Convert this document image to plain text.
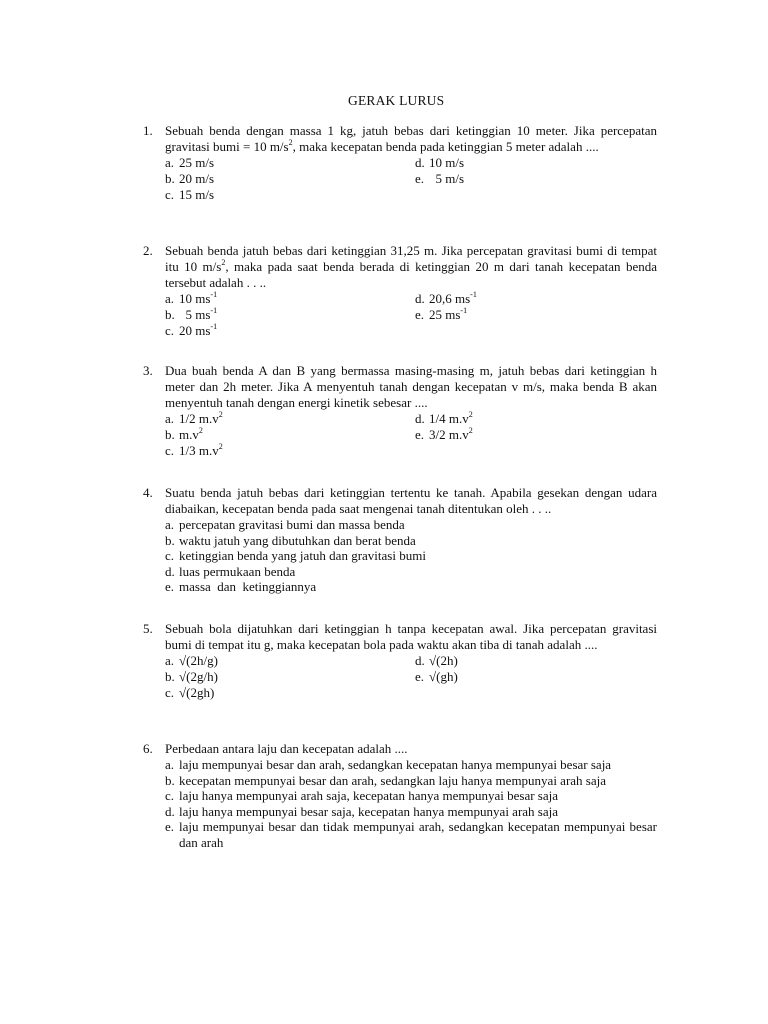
GERAK LURUS
1. Sebuah benda dengan massa 1 kg, jatuh bebas dari ketinggian 10 meter. Jika percepatan gravitasi bumi = 10 $m/s^2$, maka kecepatan benda pada ketinggian 5 meter adalah ....
a. 25 m/s	d. 10 m/s
b. 20 m/s	e. 5 m/s
c. 15 m/s
2. Sebuah benda jatuh bebas dari ketinggian 31,25 m. Jika percepatan gravitasi bumi di tempat itu 10 $m/s^2$, maka pada saat benda berada di ketinggian 20 m dari tanah kecepatan benda tersebut adalah . . ..
a. 10 $ms^{-1}$	d. 20,6 $ms^{-1}$
b. 5 $ms^{-1}$	e. 25 $ms^{-1}$
c. 20 $ms^{-1}$
3. Dua buah benda A dan B yang bermassa masing-masing m, jatuh bebas dari ketinggian h meter dan 2h meter. Jika A menyentuh tanah dengan kecepatan v m/s, maka benda B akan menyentuh tanah dengan energi kinetik sebesar ....
a. 1/2 $m.v^2$	d. 1/4 $m.v^2$
b. $m.v^2$	e. 3/2 $m.v^2$
c. 1/3 $m.v^2$
4. Suatu benda jatuh bebas dari ketinggian tertentu ke tanah. Apabila gesekan dengan udara diabaikan, kecepatan benda pada saat mengenai tanah ditentukan oleh . . ..
a. percepatan gravitasi bumi dan massa benda
b. waktu jatuh yang dibutuhkan dan berat benda
c. ketinggian benda yang jatuh dan gravitasi bumi
d. luas permukaan benda
e. massa  dan  ketinggiannya
5. Sebuah bola dijatuhkan dari ketinggian h tanpa kecepatan awal. Jika percepatan gravitasi bumi di tempat itu g, maka kecepatan bola pada waktu akan tiba di tanah adalah ....
a. √(2h/g)	d. √(2h)
b. √(2g/h)	e. √(gh)
c. √(2gh)
6. Perbedaan antara laju dan kecepatan adalah ....
a. laju mempunyai besar dan arah, sedangkan kecepatan hanya mempunyai besar saja
b. kecepatan mempunyai besar dan arah, sedangkan laju hanya mempunyai arah saja
c. laju hanya mempunyai arah saja, kecepatan hanya mempunyai besar saja
d. laju hanya mempunyai besar saja, kecepatan hanya mempunyai arah saja
e. laju mempunyai besar dan tidak mempunyai arah, sedangkan kecepatan mempunyai besar dan arah
